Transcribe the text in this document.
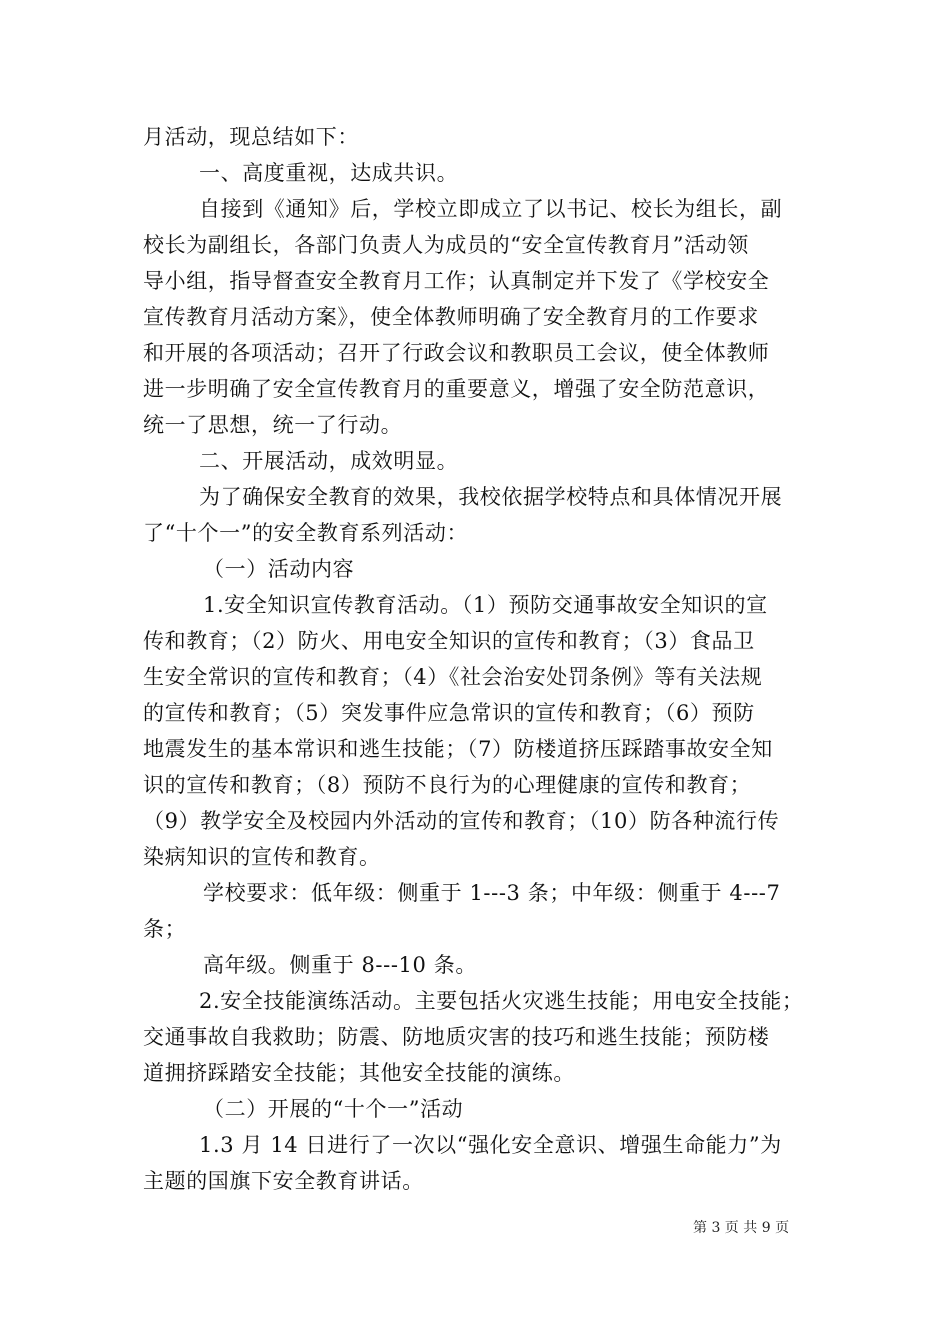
月活动，现总结如下：
一、高度重视，达成共识。
自接到《通知》后，学校立即成立了以书记、校长为组长，副
校长为副组长，各部门负责人为成员的“安全宣传教育月”活动领
导小组，指导督查安全教育月工作；认真制定并下发了《学校安全
宣传教育月活动方案》，使全体教师明确了安全教育月的工作要求
和开展的各项活动；召开了行政会议和教职员工会议，使全体教师
进一步明确了安全宣传教育月的重要意义，增强了安全防范意识，
统一了思想，统一了行动。
二、开展活动，成效明显。
为了确保安全教育的效果，我校依据学校特点和具体情况开展
了“十个一”的安全教育系列活动：
（一）活动内容
1.安全知识宣传教育活动。（1）预防交通事故安全知识的宣
传和教育；（2）防火、用电安全知识的宣传和教育；（3）食品卫
生安全常识的宣传和教育；（4）《社会治安处罚条例》等有关法规
的宣传和教育；（5）突发事件应急常识的宣传和教育；（6）预防
地震发生的基本常识和逃生技能；（7）防楼道挤压踩踏事故安全知
识的宣传和教育；（8）预防不良行为的心理健康的宣传和教育；
（9）教学安全及校园内外活动的宣传和教育；（10）防各种流行传
染病知识的宣传和教育。
学校要求：低年级：侧重于 1---3 条；中年级：侧重于 4---7
条；
高年级。侧重于 8---10 条。
2.安全技能演练活动。主要包括火灾逃生技能；用电安全技能；
交通事故自我救助；防震、防地质灾害的技巧和逃生技能；预防楼
道拥挤踩踏安全技能；其他安全技能的演练。
（二）开展的“十个一”活动
1.3 月 14 日进行了一次以“强化安全意识、增强生命能力”为
主题的国旗下安全教育讲话。
第 3 页 共 9 页
